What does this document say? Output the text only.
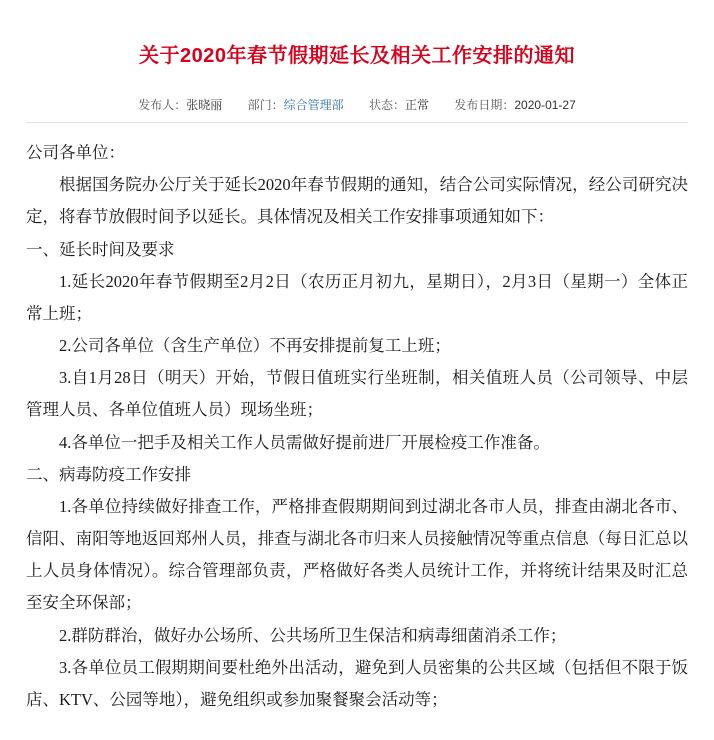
关于2020年春节假期延长及相关工作安排的通知
发布人：张晓丽 部门：综合管理部 状态：正常 发布日期：2020-01-27

公司各单位：

根据国务院办公厅关于延长2020年春节假期的通知，结合公司实际情况，经公司研究决定，将春节放假时间予以延长。具体情况及相关工作安排事项通知如下：

一、延长时间及要求

1.延长2020年春节假期至2月2日（农历正月初九，星期日），2月3日（星期一）全体正常上班；

2.公司各单位（含生产单位）不再安排提前复工上班；

3.自1月28日（明天）开始，节假日值班实行坐班制，相关值班人员（公司领导、中层管理人员、各单位值班人员）现场坐班；

4.各单位一把手及相关工作人员需做好提前进厂开展检疫工作准备。

二、病毒防疫工作安排

1.各单位持续做好排查工作，严格排查假期期间到过湖北各市人员，排查由湖北各市、信阳、南阳等地返回郑州人员，排查与湖北各市归来人员接触情况等重点信息（每日汇总以上人员身体情况）。综合管理部负责，严格做好各类人员统计工作，并将统计结果及时汇总至安全环保部；

2.群防群治，做好办公场所、公共场所卫生保洁和病毒细菌消杀工作；

3.各单位员工假期期间要杜绝外出活动，避免到人员密集的公共区域（包括但不限于饭店、KTV、公园等地），避免组织或参加聚餐聚会活动等；
